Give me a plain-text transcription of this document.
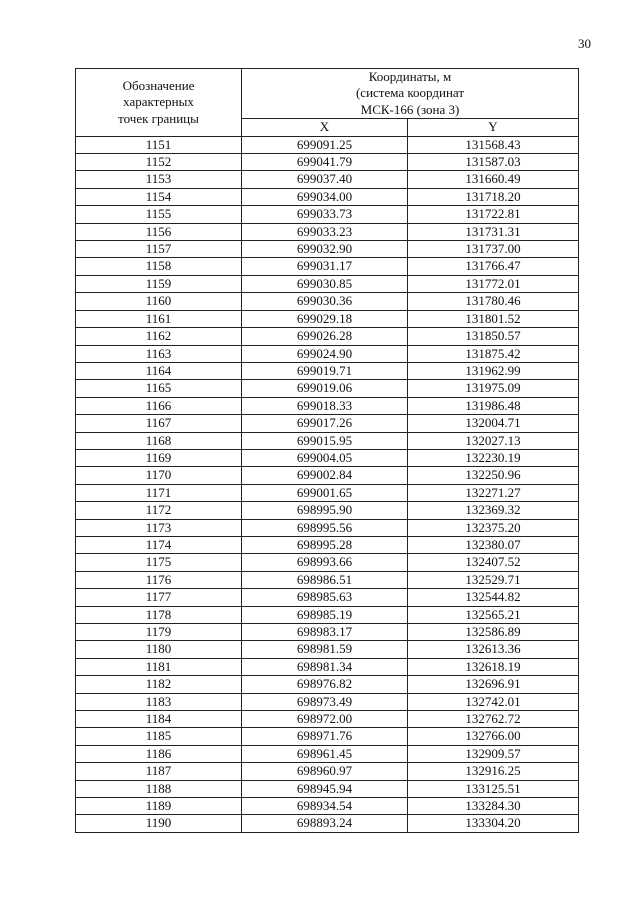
30
Обозначение
характерных
точек границы	Координаты, м
(система координат
МСК-166 (зона 3)	

	X	Y
1151	699091.25	131568.43
1152	699041.79	131587.03
1153	699037.40	131660.49
1154	699034.00	131718.20
1155	699033.73	131722.81
1156	699033.23	131731.31
1157	699032.90	131737.00
1158	699031.17	131766.47
1159	699030.85	131772.01
1160	699030.36	131780.46
1161	699029.18	131801.52
1162	699026.28	131850.57
1163	699024.90	131875.42
1164	699019.71	131962.99
1165	699019.06	131975.09
1166	699018.33	131986.48
1167	699017.26	132004.71
1168	699015.95	132027.13
1169	699004.05	132230.19
1170	699002.84	132250.96
1171	699001.65	132271.27
1172	698995.90	132369.32
1173	698995.56	132375.20
1174	698995.28	132380.07
1175	698993.66	132407.52
1176	698986.51	132529.71
1177	698985.63	132544.82
1178	698985.19	132565.21
1179	698983.17	132586.89
1180	698981.59	132613.36
1181	698981.34	132618.19
1182	698976.82	132696.91
1183	698973.49	132742.01
1184	698972.00	132762.72
1185	698971.76	132766.00
1186	698961.45	132909.57
1187	698960.97	132916.25
1188	698945.94	133125.51
1189	698934.54	133284.30
1190	698893.24	133304.20
